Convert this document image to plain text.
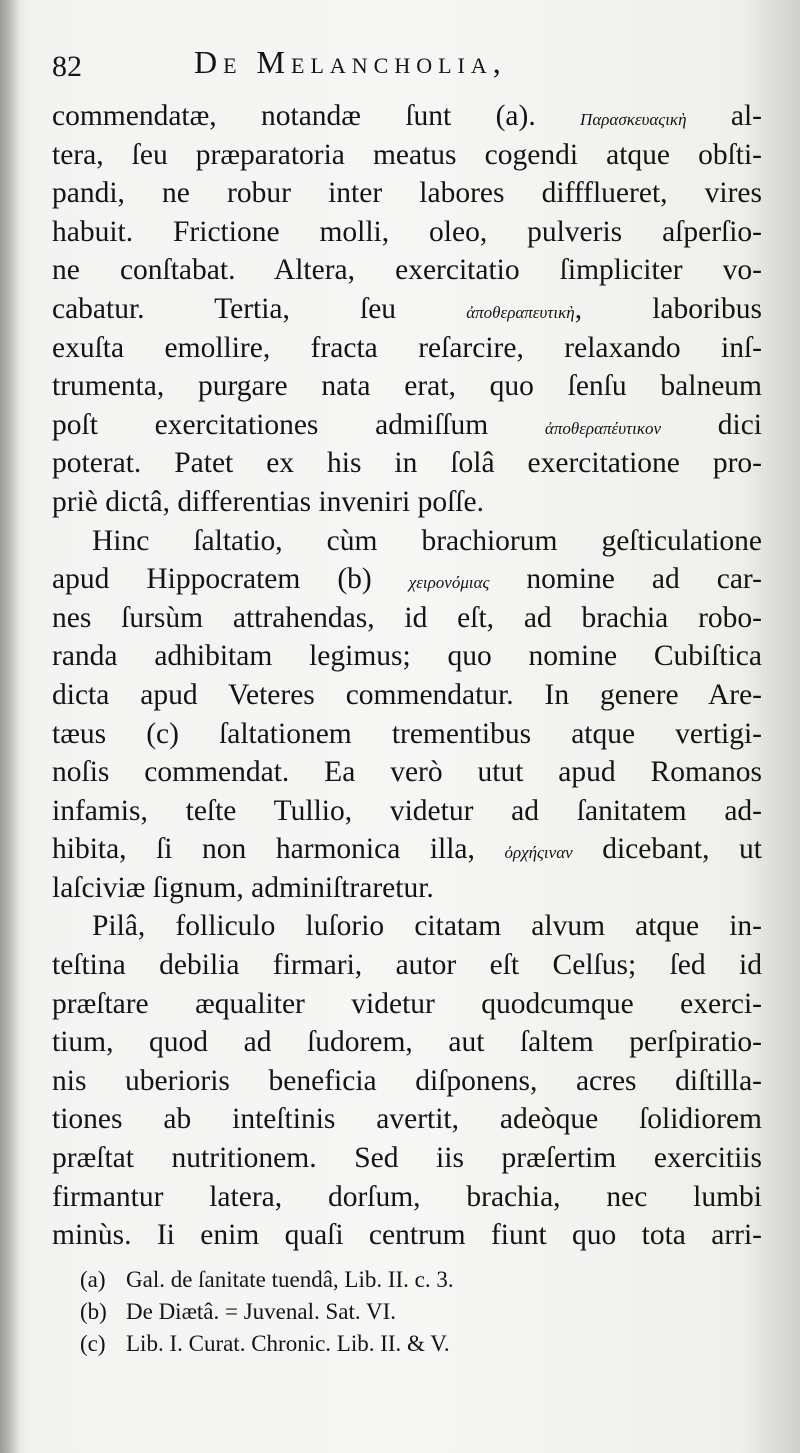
82	De Melancholia,
commendatæ, notandæ ſunt (a). Παρασκευαςικὴ al-
tera, ſeu præparatoria meatus cogendi atque obſti-
pandi, ne robur inter labores diffflueret, vires
habuit. Frictione molli, oleo, pulveris aſperſio-
ne conſtabat. Altera, exercitatio ſimpliciter vo-
cabatur. Tertia, ſeu ἀποθεραπευτικὴ, laboribus
exuſta emollire, fracta reſarcire, relaxando inſ-
trumenta, purgare nata erat, quo ſenſu balneum
poſt exercitationes admiſſum ἀποθεραπέυτικον dici
poterat. Patet ex his in ſolâ exercitatione pro-
priè dictâ, differentias inveniri poſſe.
Hinc ſaltatio, cùm brachiorum geſticulatione
apud Hippocratem (b) χειρονόμιας nomine ad car-
nes ſursùm attrahendas, id eſt, ad brachia robo-
randa adhibitam legimus; quo nomine Cubiſtica
dicta apud Veteres commendatur. In genere Are-
tæus (c) ſaltationem trementibus atque vertigi-
noſis commendat. Ea verò utut apud Romanos
infamis, teſte Tullio, videtur ad ſanitatem ad-
hibita, ſi non harmonica illa, ὀρχήςιναν dicebant, ut
laſciviæ ſignum, adminiſtraretur.
Pilâ, folliculo luſorio citatam alvum atque in-
teſtina debilia firmari, autor eſt Celſus; ſed id
præſtare æqualiter videtur quodcumque exerci-
tium, quod ad ſudorem, aut ſaltem perſpiratio-
nis uberioris beneficia diſponens, acres diſtilla-
tiones ab inteſtinis avertit, adeòque ſolidiorem
præſtat nutritionem. Sed iis præſertim exercitiis
firmantur latera, dorſum, brachia, nec lumbi
minùs. Ii enim quaſi centrum fiunt quo tota arri-
(a) Gal. de ſanitate tuendâ, Lib. II. c. 3.
(b) De Diætâ. = Juvenal. Sat. VI.
(c) Lib. I. Curat. Chronic. Lib. II. & V.
